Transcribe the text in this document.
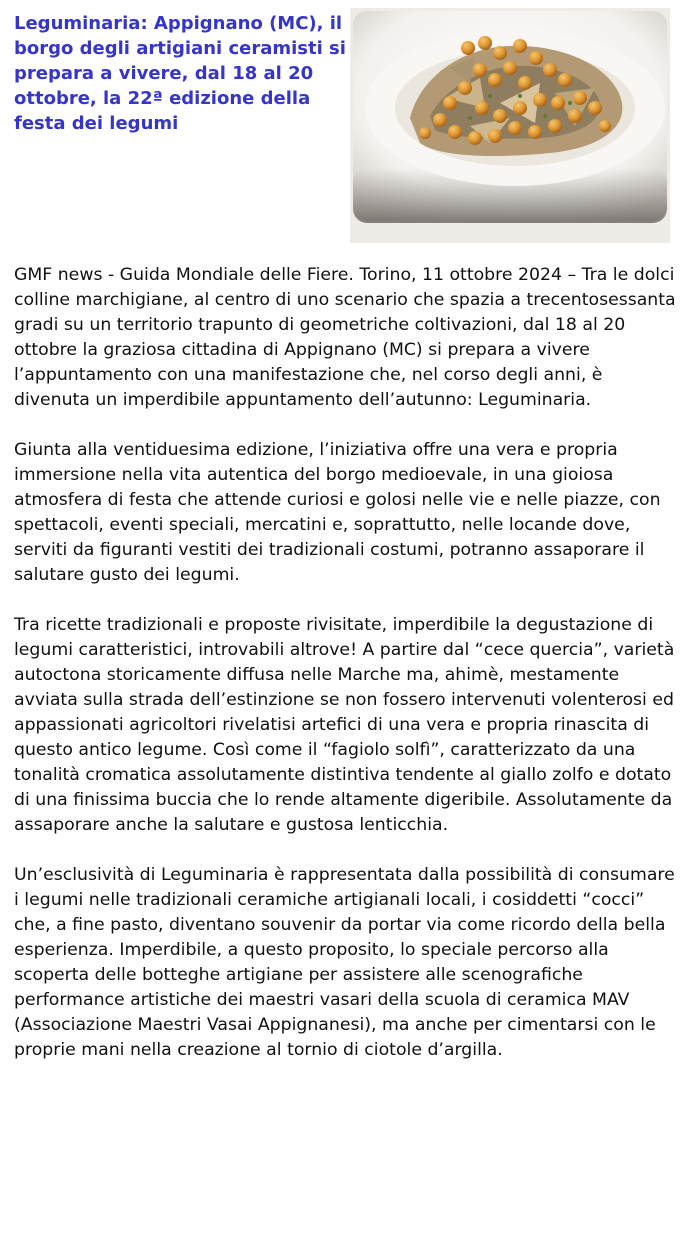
Leguminaria: Appignano (MC), il borgo degli artigiani ceramisti si prepara a vivere, dal 18 al 20 ottobre, la 22ª edizione della festa dei legumi

GMF news - Guida Mondiale delle Fiere. Torino, 11 ottobre 2024 – Tra le dolci colline marchigiane, al centro di uno scenario che spazia a trecentosessanta gradi su un territorio trapunto di geometriche coltivazioni, dal 18 al 20 ottobre la graziosa cittadina di Appignano (MC) si prepara a vivere l’appuntamento con una manifestazione che, nel corso degli anni, è divenuta un imperdibile appuntamento dell’autunno: Leguminaria.

Giunta alla ventiduesima edizione, l’iniziativa offre una vera e propria immersione nella vita autentica del borgo medioevale, in una gioiosa atmosfera di festa che attende curiosi e golosi nelle vie e nelle piazze, con spettacoli, eventi speciali, mercatini e, soprattutto, nelle locande dove, serviti da figuranti vestiti dei tradizionali costumi, potranno assaporare il salutare gusto dei legumi.

Tra ricette tradizionali e proposte rivisitate, imperdibile la degustazione di legumi caratteristici, introvabili altrove! A partire dal “cece quercia”, varietà autoctona storicamente diffusa nelle Marche ma, ahimè, mestamente avviata sulla strada dell’estinzione se non fossero intervenuti volenterosi ed appassionati agricoltori rivelatisi artefici di una vera e propria rinascita di questo antico legume. Così come il “fagiolo solfì”, caratterizzato da una tonalità cromatica assolutamente distintiva tendente al giallo zolfo e dotato di una finissima buccia che lo rende altamente digeribile. Assolutamente da assaporare anche la salutare e gustosa lenticchia.

Un’esclusività di Leguminaria è rappresentata dalla possibilità di consumare i legumi nelle tradizionali ceramiche artigianali locali, i cosiddetti “cocci” che, a fine pasto, diventano souvenir da portar via come ricordo della bella esperienza. Imperdibile, a questo proposito, lo speciale percorso alla scoperta delle botteghe artigiane per assistere alle scenografiche performance artistiche dei maestri vasari della scuola di ceramica MAV (Associazione Maestri Vasai Appignanesi), ma anche per cimentarsi con le proprie mani nella creazione al tornio di ciotole d’argilla.
